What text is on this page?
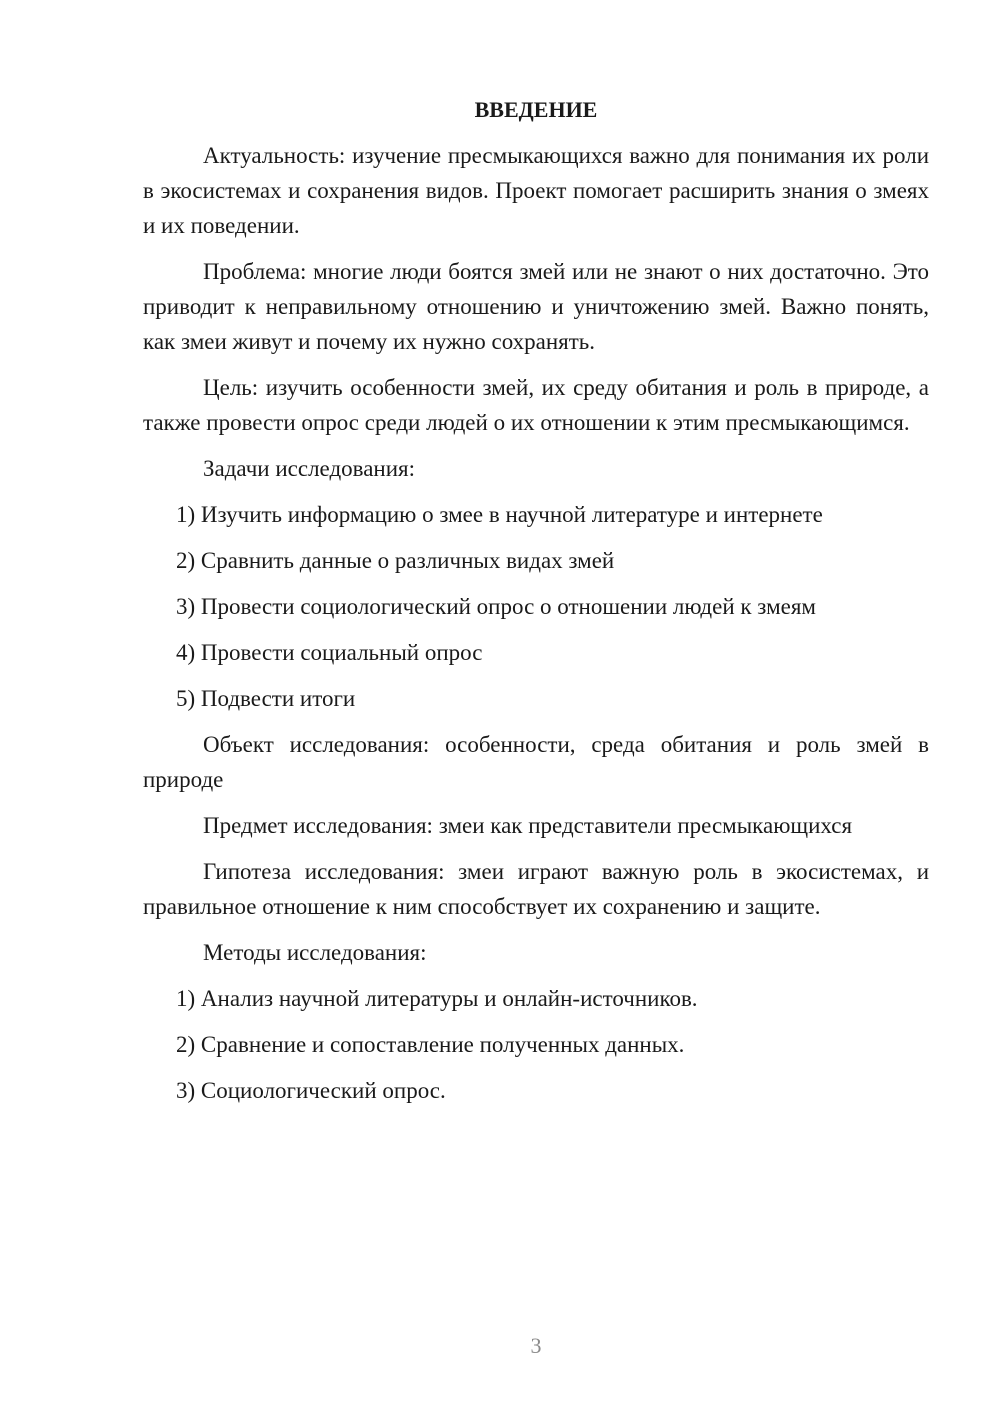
ВВЕДЕНИЕ

Актуальность: изучение пресмыкающихся важно для понимания их роли в экосистемах и сохранения видов. Проект помогает расширить знания о змеях и их поведении.

Проблема: многие люди боятся змей или не знают о них достаточно. Это приводит к неправильному отношению и уничтожению змей. Важно понять, как змеи живут и почему их нужно сохранять.

Цель: изучить особенности змей, их среду обитания и роль в природе, а также провести опрос среди людей о их отношении к этим пресмыкающимся.

Задачи исследования:

1) Изучить информацию о змее в научной литературе и интернете
2) Сравнить данные о различных видах змей
3) Провести социологический опрос о отношении людей к змеям
4) Провести социальный опрос
5) Подвести итоги

Объект исследования: особенности, среда обитания и роль змей в природе

Предмет исследования: змеи как представители пресмыкающихся

Гипотеза исследования: змеи играют важную роль в экосистемах, и правильное отношение к ним способствует их сохранению и защите.

Методы исследования:

1) Анализ научной литературы и онлайн-источников.
2) Сравнение и сопоставление полученных данных.
3) Социологический опрос.
3
